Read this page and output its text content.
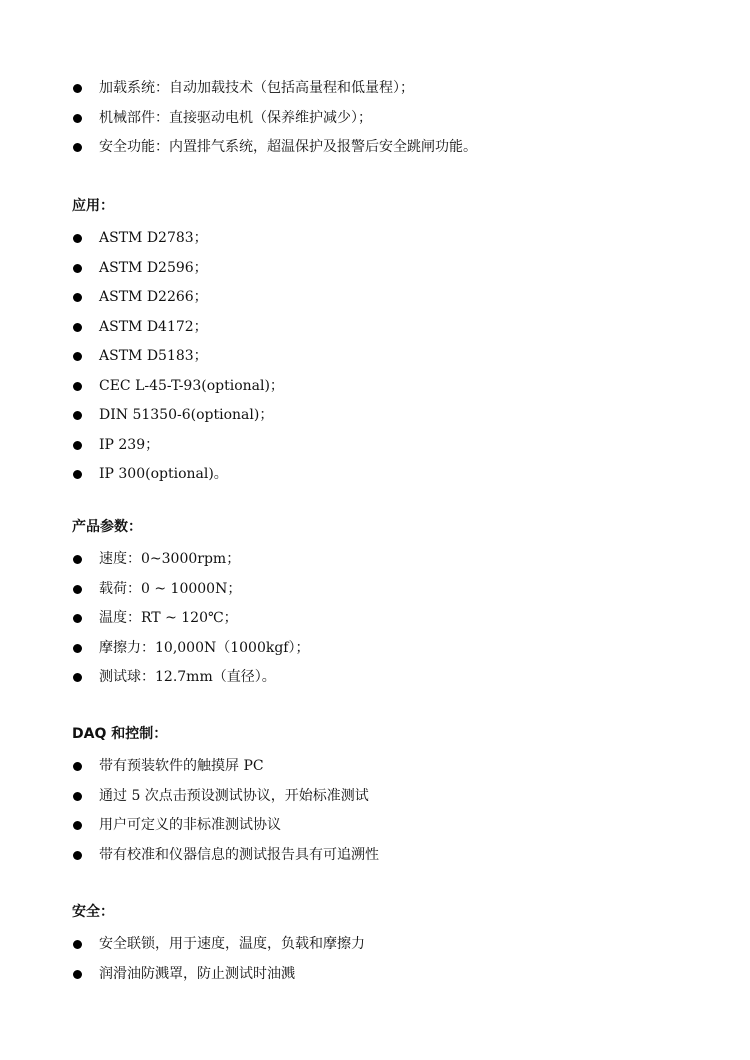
加载系统：自动加载技术（包括高量程和低量程）；
机械部件：直接驱动电机（保养维护减少）；
安全功能：内置排气系统，超温保护及报警后安全跳闸功能。
应用：
ASTM D2783；
ASTM D2596；
ASTM D2266；
ASTM D4172；
ASTM D5183；
CEC L-45-T-93(optional)；
DIN 51350-6(optional)；
IP 239；
IP 300(optional)。
产品参数：
速度：0~3000rpm；
载荷：0 ~ 10000N；
温度：RT ~ 120℃；
摩擦力：10,000N（1000kgf）；
测试球：12.7mm（直径）。
DAQ 和控制：
带有预装软件的触摸屏 PC
通过 5 次点击预设测试协议，开始标准测试
用户可定义的非标准测试协议
带有校准和仪器信息的测试报告具有可追溯性
安全：
安全联锁，用于速度，温度，负载和摩擦力
润滑油防溅罩，防止测试时油溅
